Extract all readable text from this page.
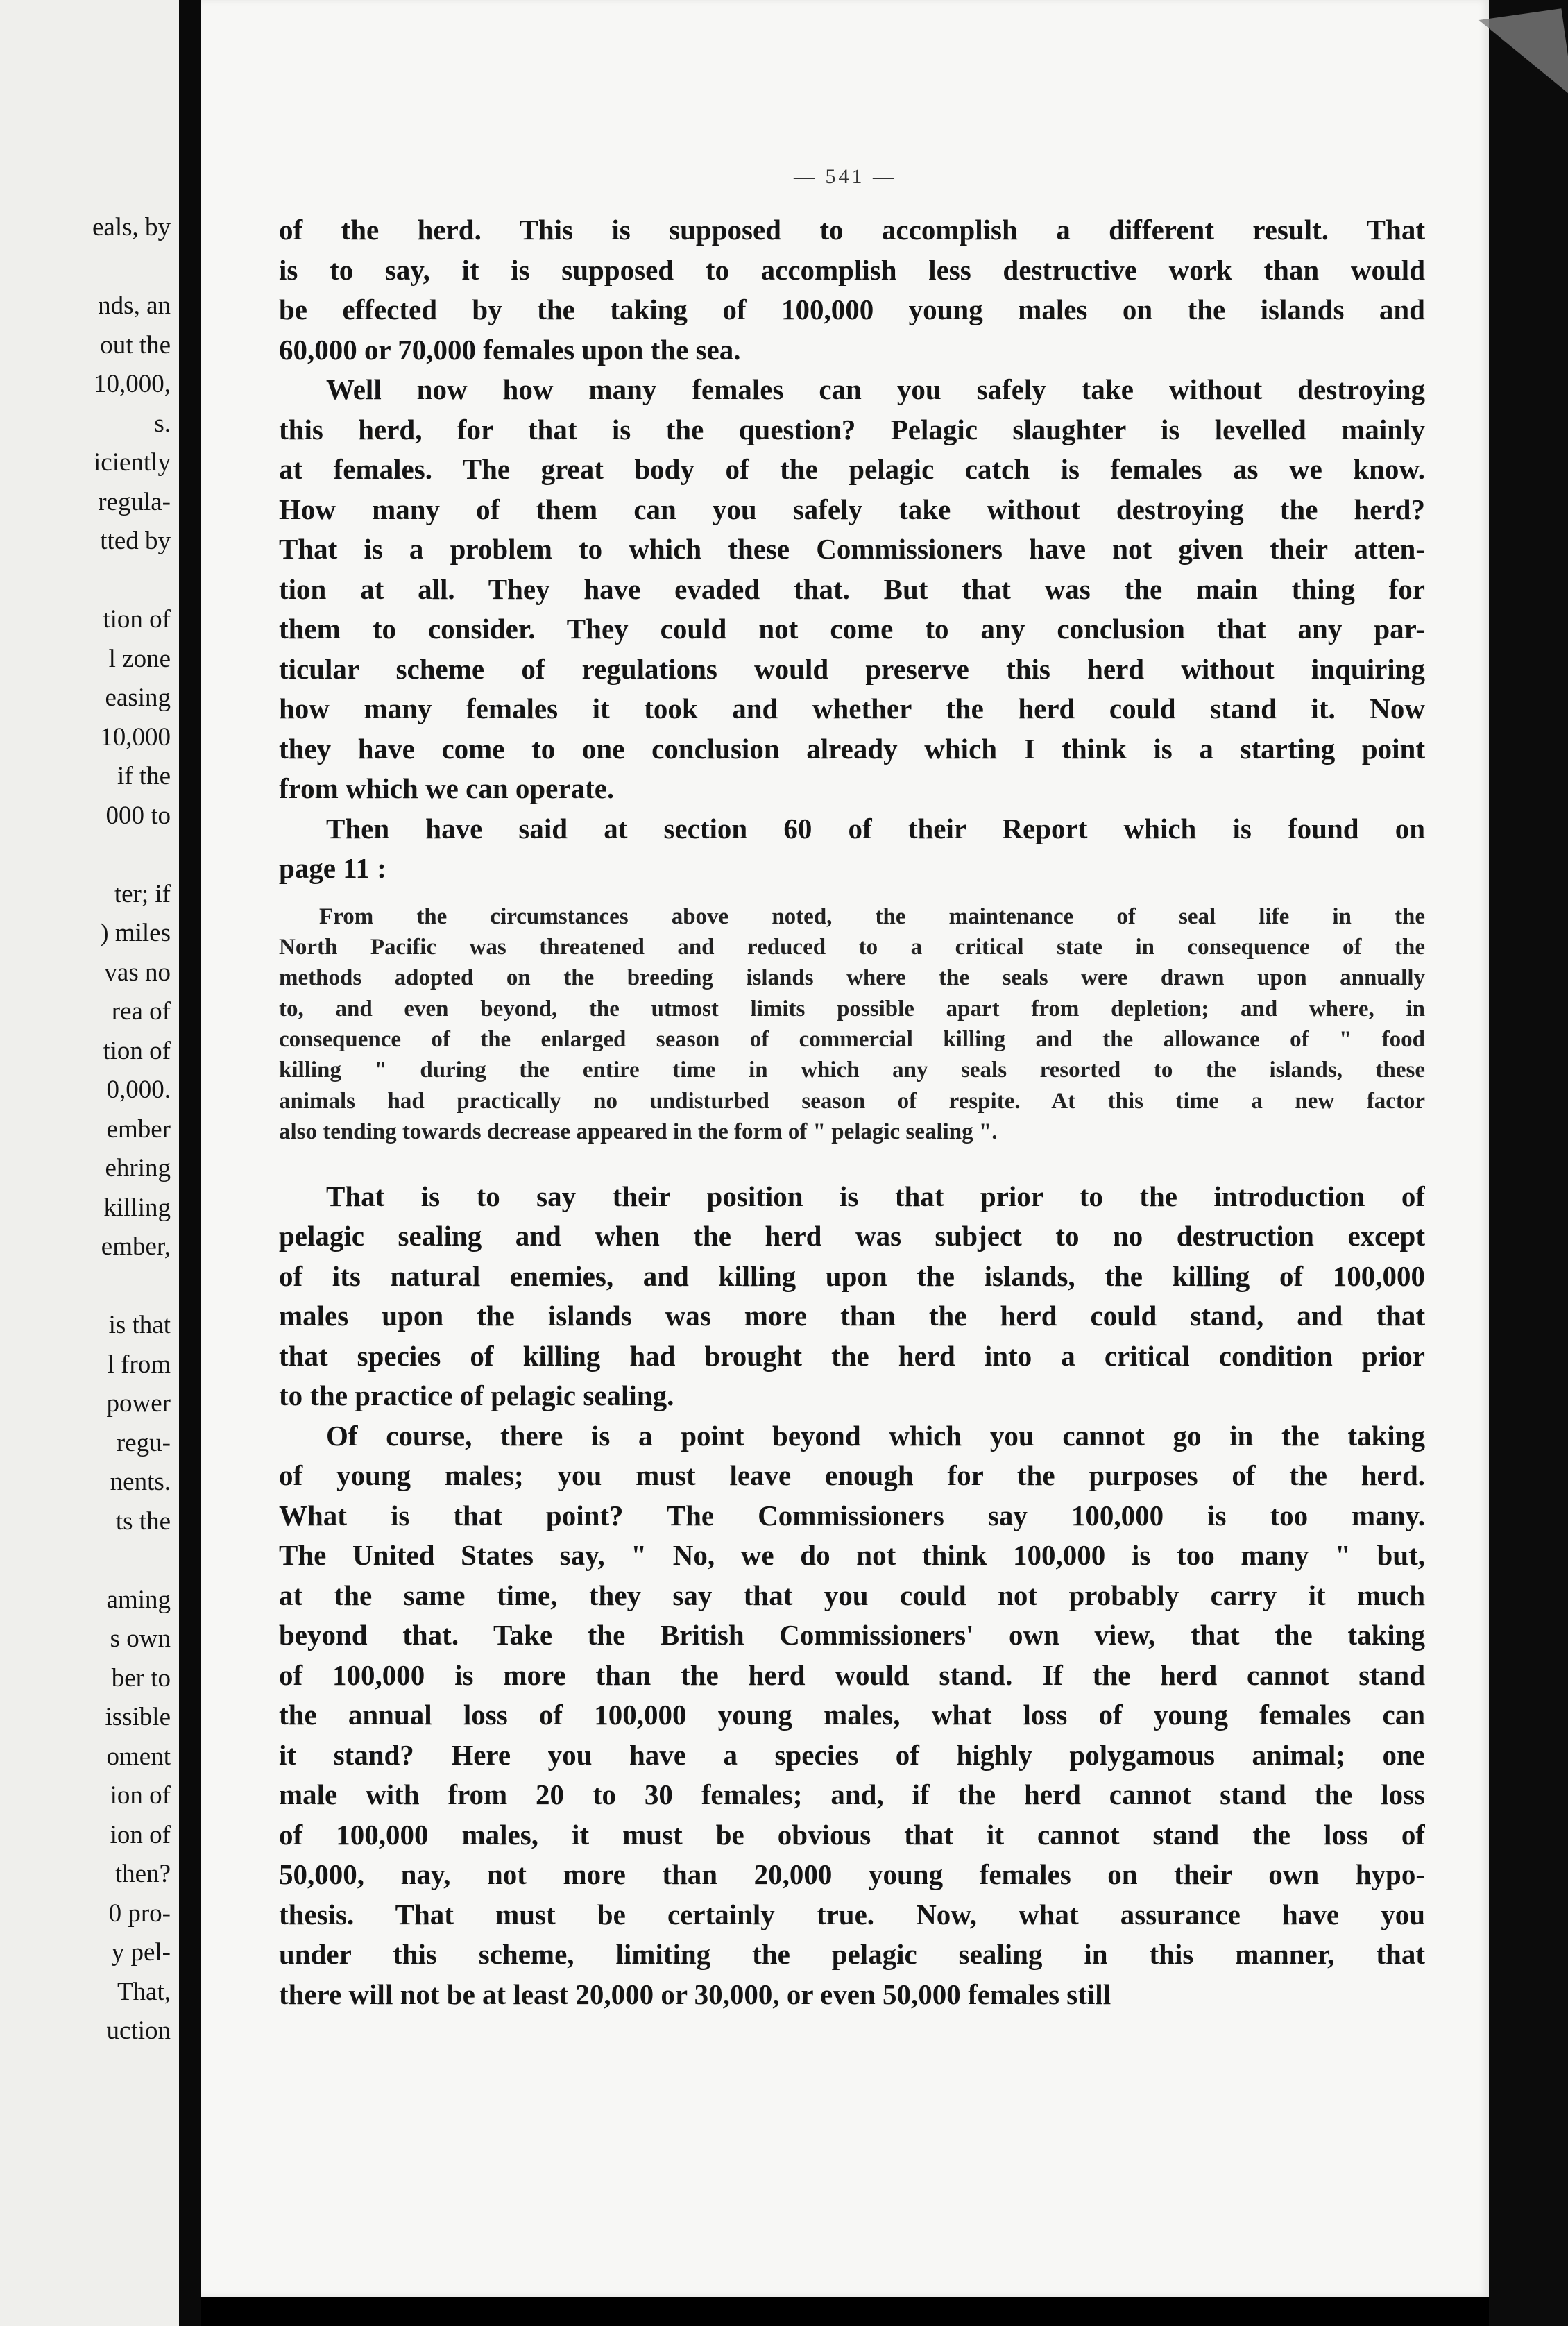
eals, by
nds, an
out the
10,000,
s.
iciently
regula-
tted by
tion of
l zone
easing
10,000
if the
000 to
ter; if
) miles
vas no
rea of
tion of
0,000.
ember
ehring
killing
ember,
is that
l from
power
regu-
nents.
ts the
aming
s own
ber to
issible
oment
ion of
ion of
then?
0 pro-
y pel-
That,
uction
— 541 —
of the herd. This is supposed to accomplish a different result. That
is to say, it is supposed to accomplish less destructive work than would
be effected by the taking of 100,000 young males on the islands and
60,000 or 70,000 females upon the sea.
Well now how many females can you safely take without destroying
this herd, for that is the question? Pelagic slaughter is levelled mainly
at females. The great body of the pelagic catch is females as we know.
How many of them can you safely take without destroying the herd?
That is a problem to which these Commissioners have not given their atten-
tion at all. They have evaded that. But that was the main thing for
them to consider. They could not come to any conclusion that any par-
ticular scheme of regulations would preserve this herd without inquiring
how many females it took and whether the herd could stand it. Now
they have come to one conclusion already which I think is a starting point
from which we can operate.
Then have said at section 60 of their Report which is found on
page 11 :
From the circumstances above noted, the maintenance of seal life in the
North Pacific was threatened and reduced to a critical state in consequence of the
methods adopted on the breeding islands where the seals were drawn upon annually
to, and even beyond, the utmost limits possible apart from depletion; and where, in
consequence of the enlarged season of commercial killing and the allowance of " food
killing " during the entire time in which any seals resorted to the islands, these
animals had practically no undisturbed season of respite. At this time a new factor
also tending towards decrease appeared in the form of " pelagic sealing ".
That is to say their position is that prior to the introduction of
pelagic sealing and when the herd was subject to no destruction except
of its natural enemies, and killing upon the islands, the killing of 100,000
males upon the islands was more than the herd could stand, and that
that species of killing had brought the herd into a critical condition prior
to the practice of pelagic sealing.
Of course, there is a point beyond which you cannot go in the taking
of young males; you must leave enough for the purposes of the herd.
What is that point? The Commissioners say 100,000 is too many.
The United States say, " No, we do not think 100,000 is too many " but,
at the same time, they say that you could not probably carry it much
beyond that. Take the British Commissioners' own view, that the taking
of 100,000 is more than the herd would stand. If the herd cannot stand
the annual loss of 100,000 young males, what loss of young females can
it stand? Here you have a species of highly polygamous animal; one
male with from 20 to 30 females; and, if the herd cannot stand the loss
of 100,000 males, it must be obvious that it cannot stand the loss of
50,000, nay, not more than 20,000 young females on their own hypo-
thesis. That must be certainly true. Now, what assurance have you
under this scheme, limiting the pelagic sealing in this manner, that
there will not be at least 20,000 or 30,000, or even 50,000 females still
